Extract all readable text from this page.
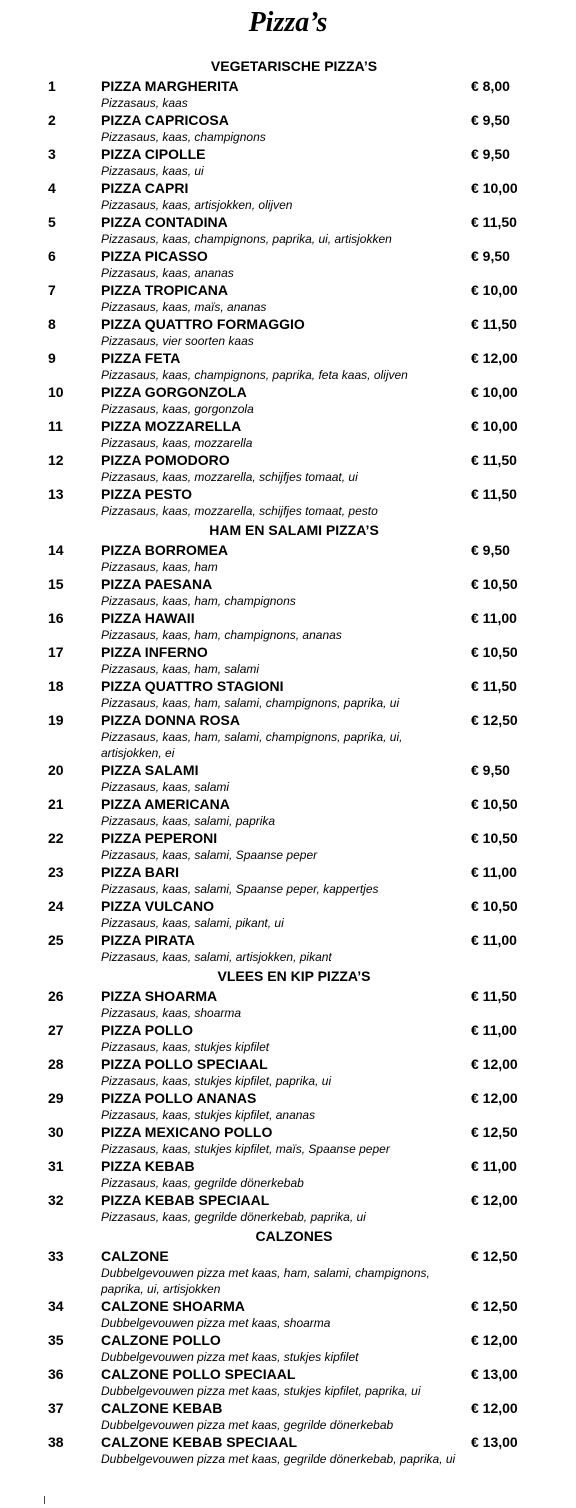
Pizza’s
VEGETARISCHE PIZZA’S
1	PIZZA MARGHERITA	€ 8,00
Pizzasaus, kaas
2	PIZZA CAPRICOSA	€ 9,50
Pizzasaus, kaas, champignons
3	PIZZA CIPOLLE	€ 9,50
Pizzasaus, kaas, ui
4	PIZZA CAPRI	€ 10,00
Pizzasaus, kaas, artisjokken, olijven
5	PIZZA CONTADINA	€ 11,50
Pizzasaus, kaas, champignons, paprika, ui, artisjokken
6	PIZZA PICASSO	€ 9,50
Pizzasaus, kaas, ananas
7	PIZZA TROPICANA	€ 10,00
Pizzasaus, kaas, maïs, ananas
8	PIZZA QUATTRO FORMAGGIO	€ 11,50
Pizzasaus, vier soorten kaas
9	PIZZA FETA	€ 12,00
Pizzasaus, kaas, champignons, paprika, feta kaas, olijven
10	PIZZA GORGONZOLA	€ 10,00
Pizzasaus, kaas, gorgonzola
11	PIZZA MOZZARELLA	€ 10,00
Pizzasaus, kaas, mozzarella
12	PIZZA POMODORO	€ 11,50
Pizzasaus, kaas, mozzarella, schijfjes tomaat, ui
13	PIZZA PESTO	€ 11,50
Pizzasaus, kaas, mozzarella, schijfjes tomaat, pesto
HAM EN SALAMI PIZZA’S
14	PIZZA BORROMEA	€ 9,50
Pizzasaus, kaas, ham
15	PIZZA PAESANA	€ 10,50
Pizzasaus, kaas, ham, champignons
16	PIZZA HAWAII	€ 11,00
Pizzasaus, kaas, ham, champignons, ananas
17	PIZZA INFERNO	€ 10,50
Pizzasaus, kaas, ham, salami
18	PIZZA QUATTRO STAGIONI	€ 11,50
Pizzasaus, kaas, ham, salami, champignons, paprika, ui
19	PIZZA DONNA ROSA	€ 12,50
Pizzasaus, kaas, ham, salami, champignons, paprika, ui, artisjokken, ei
20	PIZZA SALAMI	€ 9,50
Pizzasaus, kaas, salami
21	PIZZA AMERICANA	€ 10,50
Pizzasaus, kaas, salami, paprika
22	PIZZA PEPERONI	€ 10,50
Pizzasaus, kaas, salami, Spaanse peper
23	PIZZA BARI	€ 11,00
Pizzasaus, kaas, salami, Spaanse peper, kappertjes
24	PIZZA VULCANO	€ 10,50
Pizzasaus, kaas, salami, pikant, ui
25	PIZZA PIRATA	€ 11,00
Pizzasaus, kaas, salami, artisjokken, pikant
VLEES EN KIP PIZZA’S
26	PIZZA SHOARMA	€ 11,50
Pizzasaus, kaas, shoarma
27	PIZZA POLLO	€ 11,00
Pizzasaus, kaas, stukjes kipfilet
28	PIZZA POLLO SPECIAAL	€ 12,00
Pizzasaus, kaas, stukjes kipfilet, paprika, ui
29	PIZZA POLLO ANANAS	€ 12,00
Pizzasaus, kaas, stukjes kipfilet, ananas
30	PIZZA MEXICANO POLLO	€ 12,50
Pizzasaus, kaas, stukjes kipfilet, maïs, Spaanse peper
31	PIZZA KEBAB	€ 11,00
Pizzasaus, kaas, gegrilde dönerkebab
32	PIZZA KEBAB SPECIAAL	€ 12,00
Pizzasaus, kaas, gegrilde dönerkebab, paprika, ui
CALZONES
33	CALZONE	€ 12,50
Dubbelgevouwen pizza met kaas, ham, salami, champignons, paprika, ui, artisjokken
34	CALZONE SHOARMA	€ 12,50
Dubbelgevouwen pizza met kaas, shoarma
35	CALZONE POLLO	€ 12,00
Dubbelgevouwen pizza met kaas, stukjes kipfilet
36	CALZONE POLLO SPECIAAL	€ 13,00
Dubbelgevouwen pizza met kaas, stukjes kipfilet, paprika, ui
37	CALZONE KEBAB	€ 12,00
Dubbelgevouwen pizza met kaas, gegrilde dönerkebab
38	CALZONE KEBAB SPECIAAL	€ 13,00
Dubbelgevouwen pizza met kaas, gegrilde dönerkebab, paprika, ui
